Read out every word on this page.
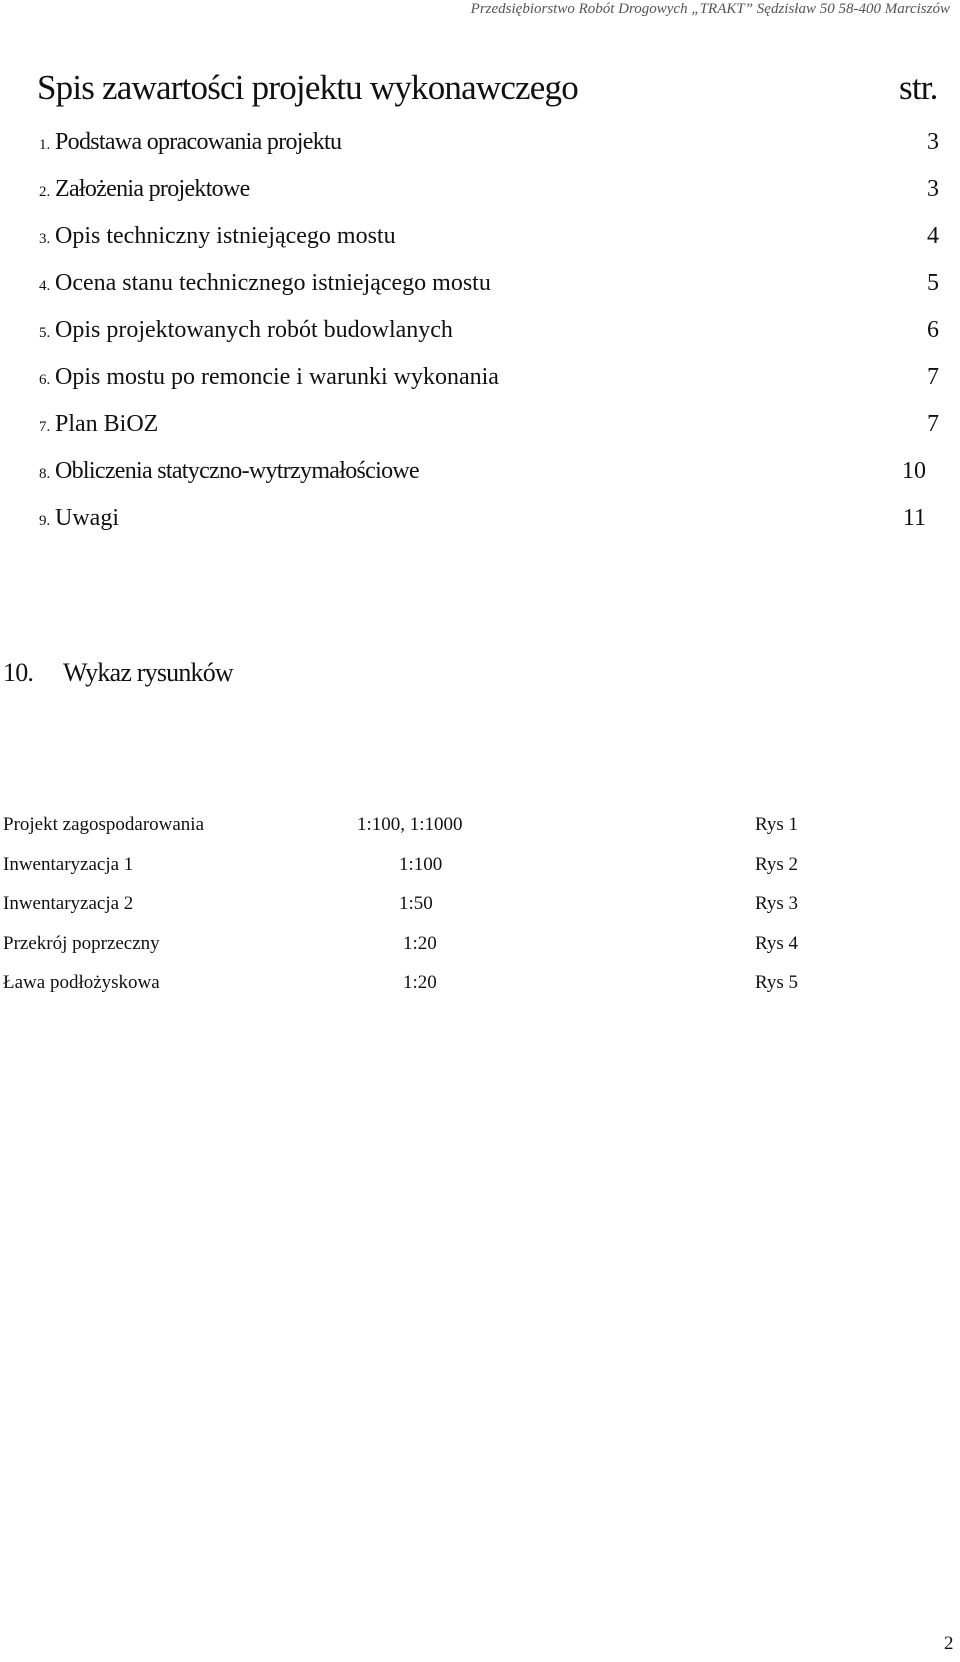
Przedsiębiorstwo Robót Drogowych „TRAKT” Sędzisław 50 58-400 Marciszów
Spis zawartości projektu wykonawczego	str.
1. Podstawa opracowania projektu	3
2. Założenia projektowe	3
3. Opis techniczny istniejącego mostu	4
4. Ocena stanu technicznego istniejącego mostu	5
5. Opis projektowanych robót budowlanych	6
6. Opis mostu po remoncie i warunki wykonania	7
7. Plan BiOZ	7
8. Obliczenia statyczno-wytrzymałościowe	10
9. Uwagi	11
10. Wykaz rysunków
Projekt zagospodarowania	1:100, 1:1000	Rys 1
Inwentaryzacja 1	1:100	Rys 2
Inwentaryzacja 2	1:50	Rys 3
Przekrój poprzeczny	1:20	Rys 4
Ława podłożyskowa	1:20	Rys 5
2
